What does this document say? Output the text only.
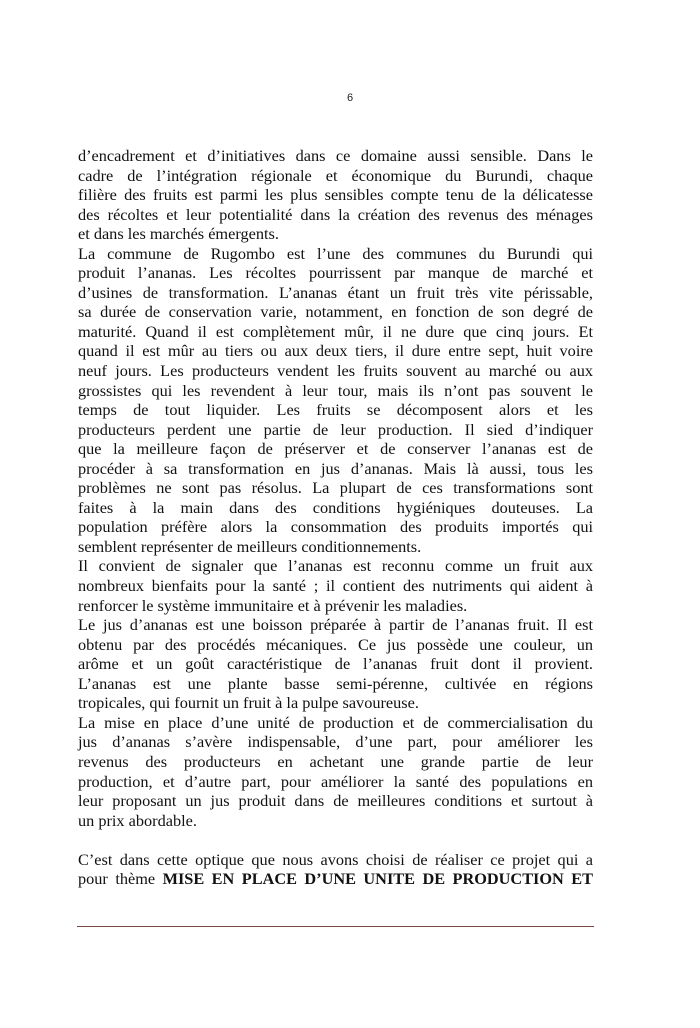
6
d’encadrement et d’initiatives dans ce domaine aussi sensible. Dans le
cadre de l’intégration régionale et économique du Burundi, chaque
filière des fruits est parmi les plus sensibles compte tenu de la délicatesse
des récoltes et leur potentialité dans la création des revenus des ménages
et dans les marchés émergents.
La commune de Rugombo est l’une des communes du Burundi qui
produit l’ananas. Les récoltes pourrissent par manque de marché et
d’usines de transformation. L’ananas étant un fruit très vite périssable,
sa durée de conservation varie, notamment, en fonction de son degré de
maturité. Quand il est complètement mûr, il ne dure que cinq jours. Et
quand il est mûr au tiers ou aux deux tiers, il dure entre sept, huit voire
neuf jours. Les producteurs vendent les fruits souvent au marché ou aux
grossistes qui les revendent à leur tour, mais ils n’ont pas souvent le
temps de tout liquider. Les fruits se décomposent alors et les
producteurs perdent une partie de leur production. Il sied d’indiquer
que la meilleure façon de préserver et de conserver l’ananas est de
procéder à sa transformation en jus d’ananas. Mais là aussi, tous les
problèmes ne sont pas résolus. La plupart de ces transformations sont
faites à la main dans des conditions hygiéniques douteuses. La
population préfère alors la consommation des produits importés qui
semblent représenter de meilleurs conditionnements.
Il convient de signaler que l’ananas est reconnu comme un fruit aux
nombreux bienfaits pour la santé ; il contient des nutriments qui aident à
renforcer le système immunitaire et à prévenir les maladies.
Le jus d’ananas est une boisson préparée à partir de l’ananas fruit. Il est
obtenu par des procédés mécaniques. Ce jus possède une couleur, un
arôme et un goût caractéristique de l’ananas fruit dont il provient.
L’ananas est une plante basse semi-pérenne, cultivée en régions
tropicales, qui fournit un fruit à la pulpe savoureuse.
La mise en place d’une unité de production et de commercialisation du
jus d’ananas s’avère indispensable, d’une part, pour améliorer les
revenus des producteurs en achetant une grande partie de leur
production, et d’autre part, pour améliorer la santé des populations en
leur proposant un jus produit dans de meilleures conditions et surtout à
un prix abordable.
C’est dans cette optique que nous avons choisi de réaliser ce projet qui a
pour thème MISE EN PLACE D’UNE UNITE DE PRODUCTION ET
